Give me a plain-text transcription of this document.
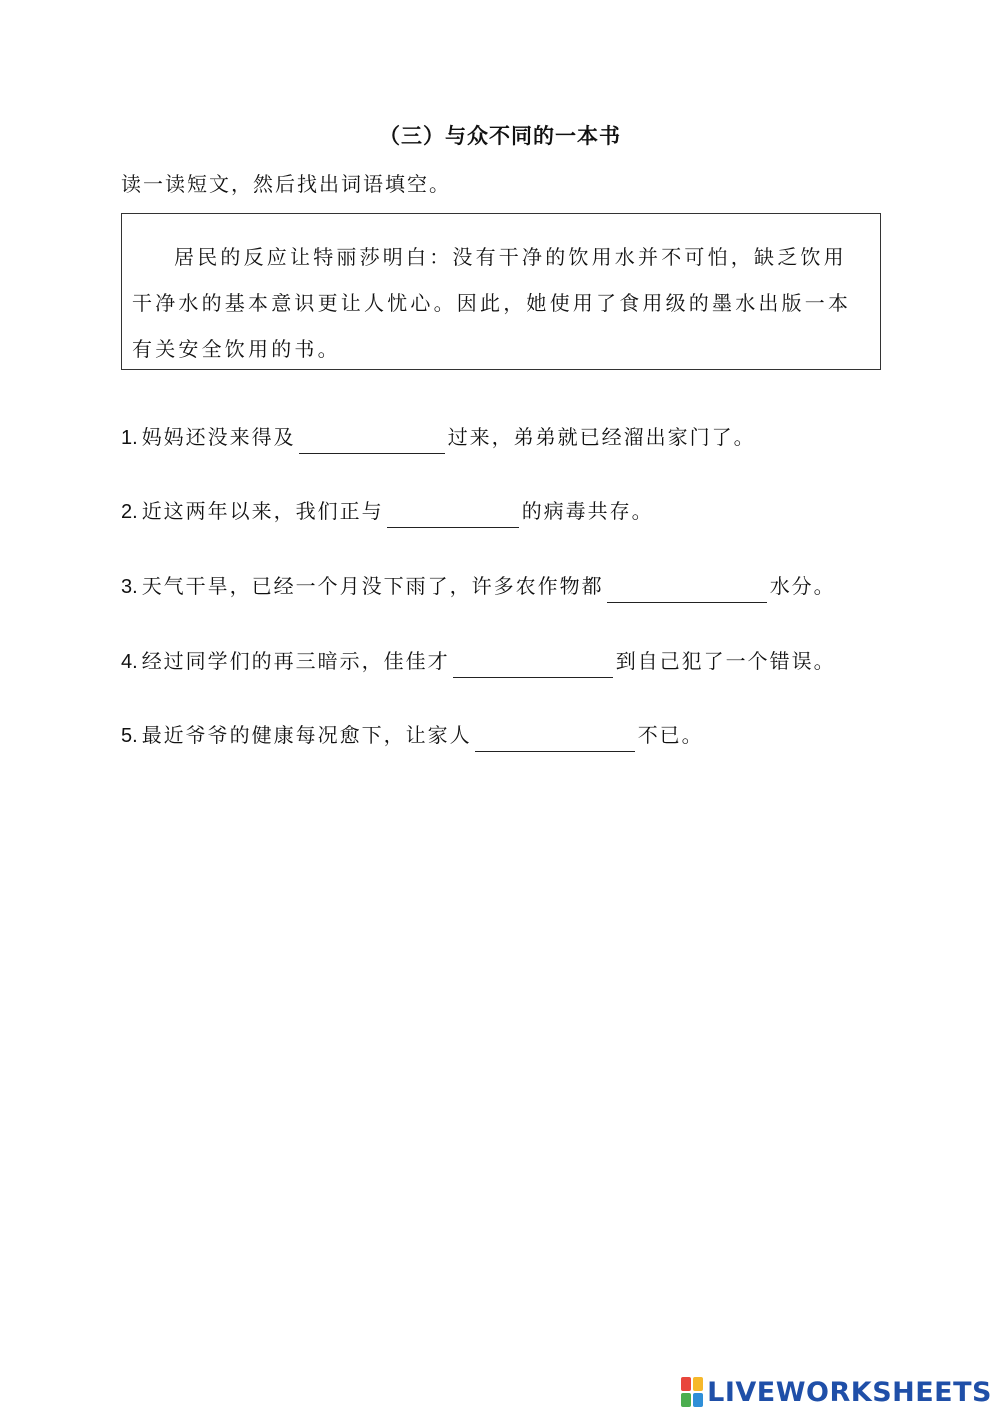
（三）与众不同的一本书
读一读短文，然后找出词语填空。

居民的反应让特丽莎明白：没有干净的饮用水并不可怕，缺乏饮用干净水的基本意识更让人忧心。因此，她使用了食用级的墨水出版一本有关安全饮用的书。

1. 妈妈还没来得及	过来，弟弟就已经溜出家门了。
2. 近这两年以来，我们正与	的病毒共存。
3. 天气干旱，已经一个月没下雨了，许多农作物都	水分。
4. 经过同学们的再三暗示，佳佳才	到自己犯了一个错误。
5. 最近爷爷的健康每况愈下，让家人	不已。
LIVEWORKSHEETS
